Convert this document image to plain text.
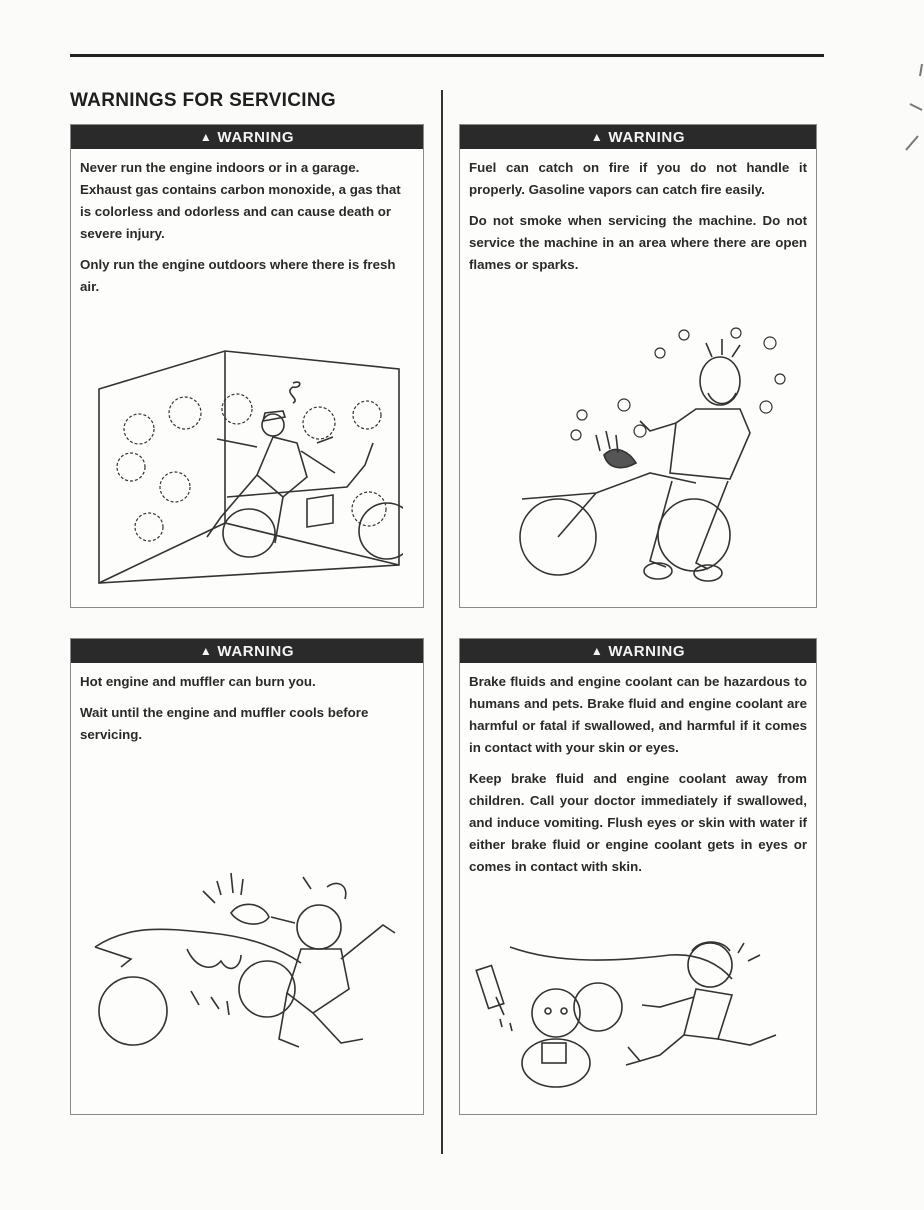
WARNINGS FOR SERVICING
▲ WARNING

Never run the engine indoors or in a garage. Exhaust gas contains carbon monoxide, a gas that is colorless and odorless and can cause death or severe injury.

Only run the engine outdoors where there is fresh air.

▲ WARNING

Fuel can catch on fire if you do not handle it properly. Gasoline vapors can catch fire easily.

Do not smoke when servicing the machine. Do not service the machine in an area where there are open flames or sparks.

▲ WARNING

Hot engine and muffler can burn you.

Wait until the engine and muffler cools before servicing.

▲ WARNING

Brake fluids and engine coolant can be hazardous to humans and pets. Brake fluid and engine coolant are harmful or fatal if swallowed, and harmful if it comes in contact with your skin or eyes.

Keep brake fluid and engine coolant away from children. Call your doctor immediately if swallowed, and induce vomiting. Flush eyes or skin with water if either brake fluid or engine coolant gets in eyes or comes in contact with skin.
